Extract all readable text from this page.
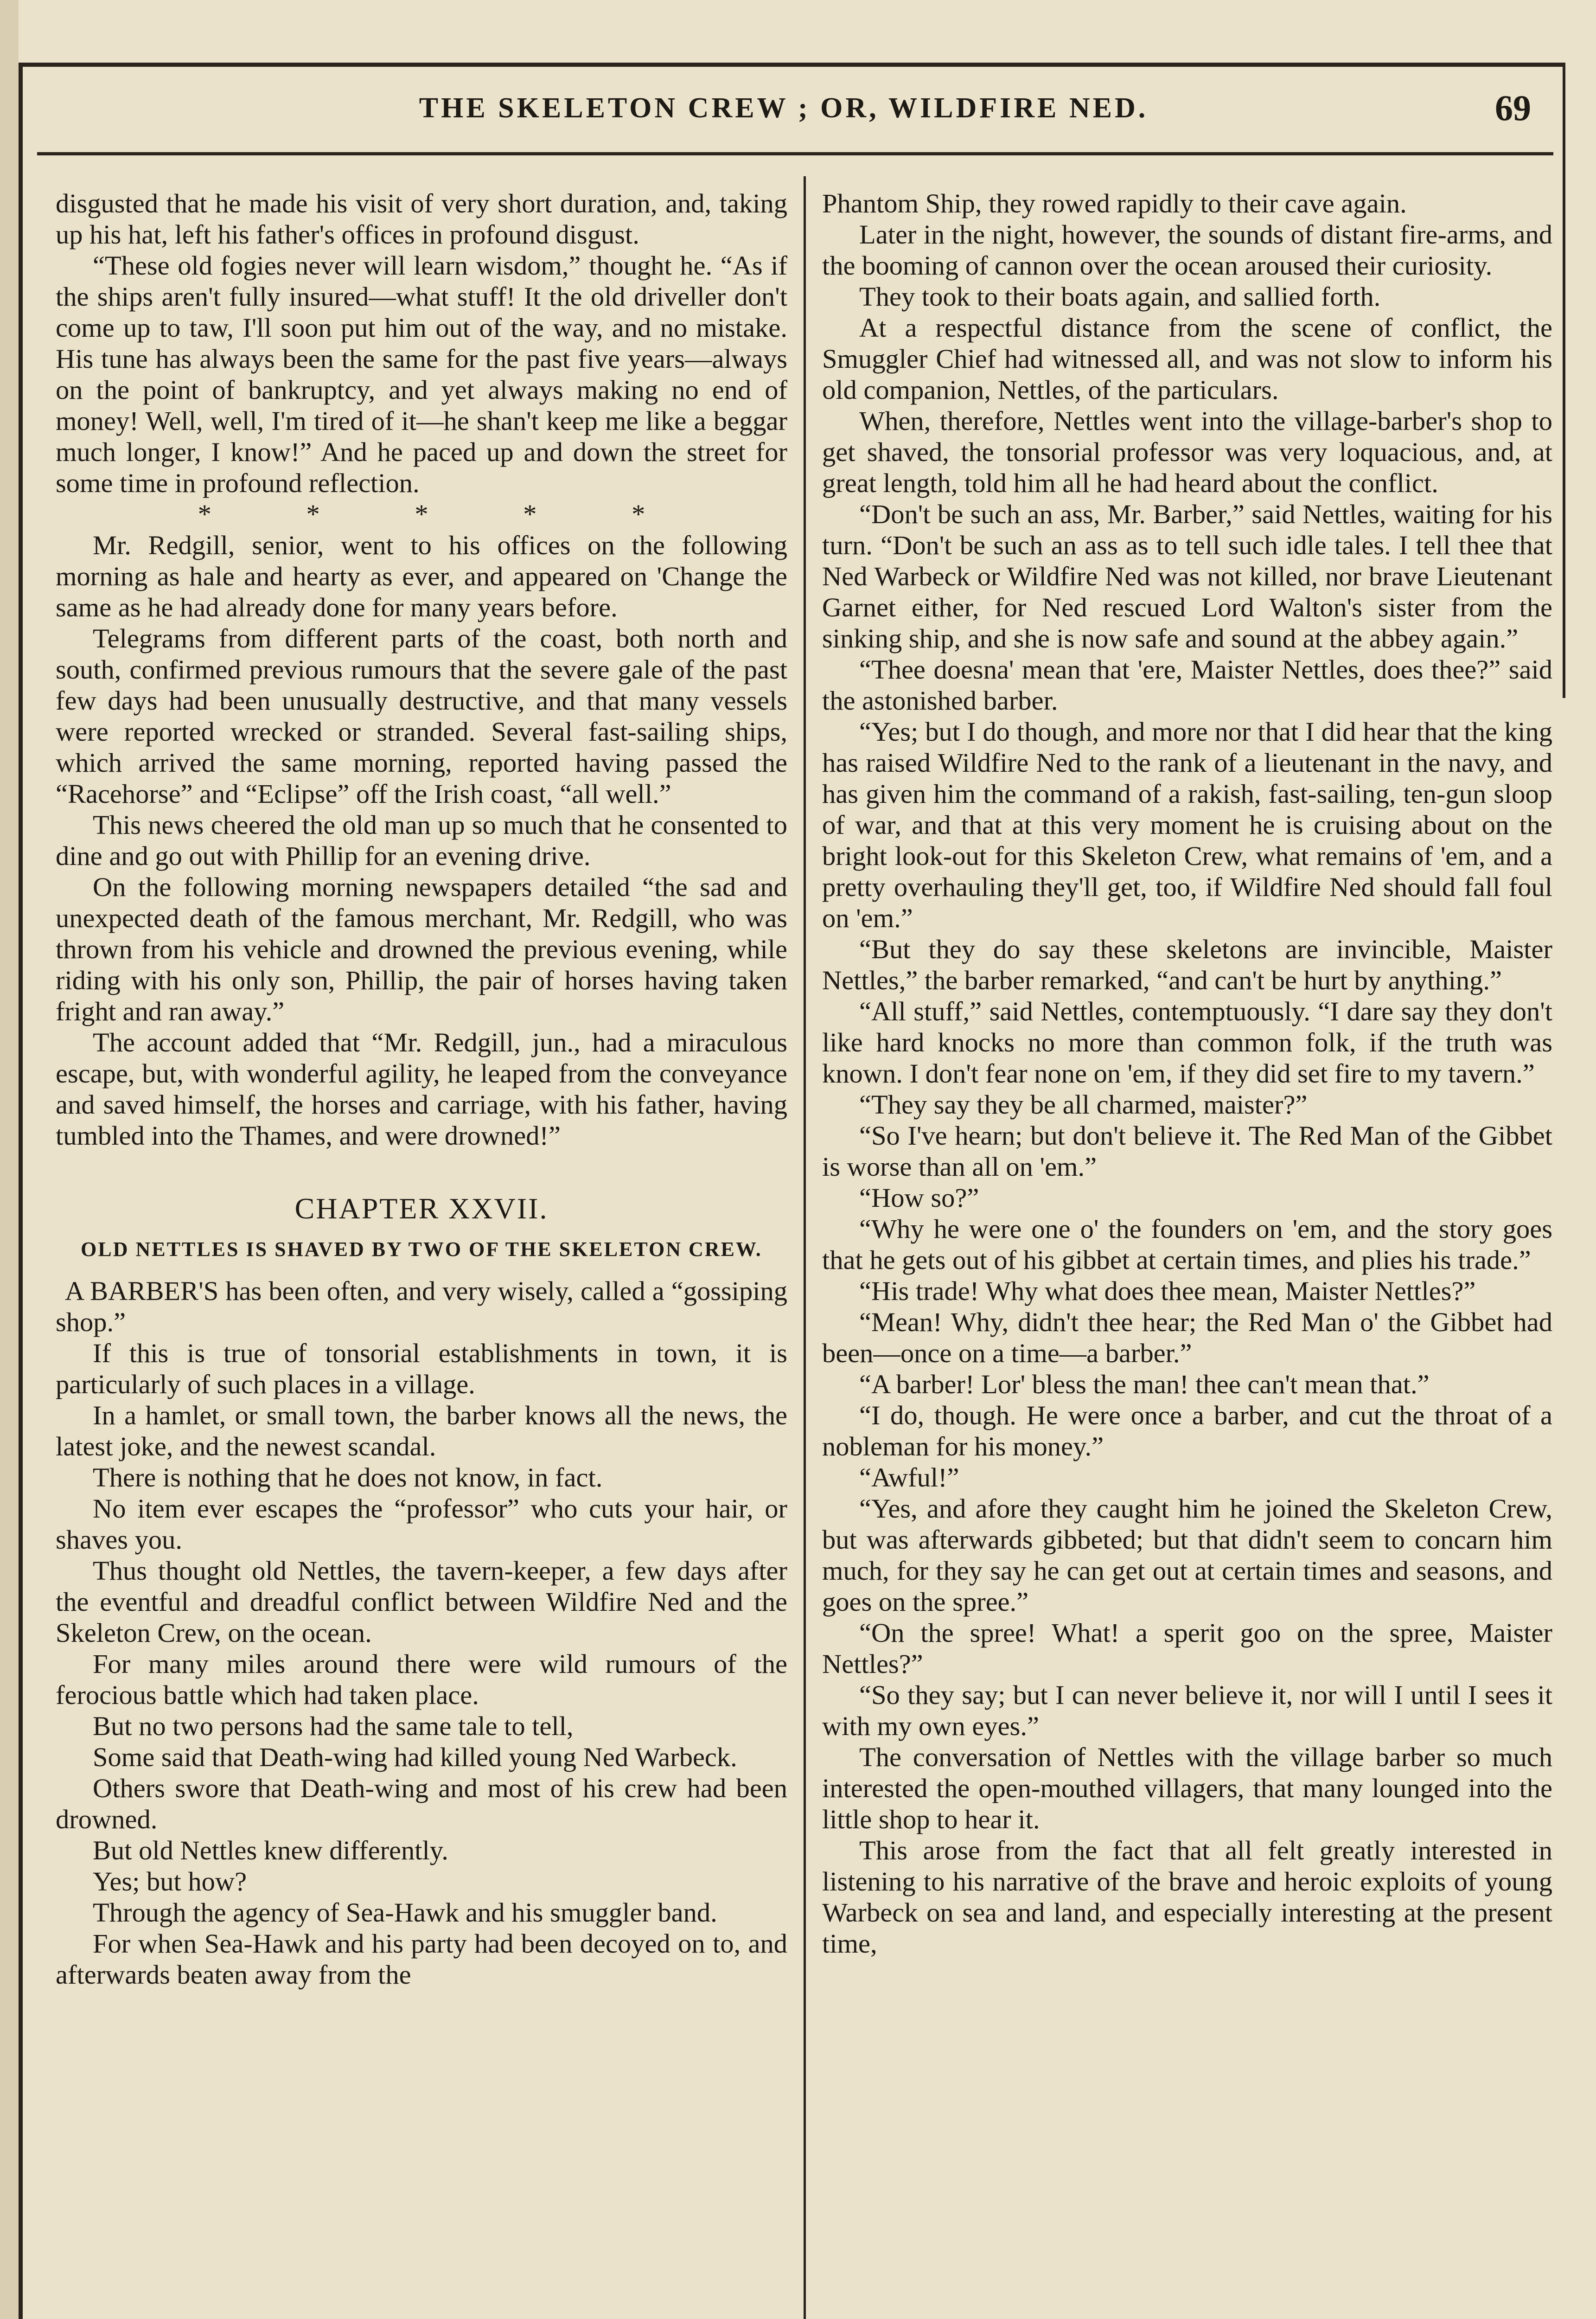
THE SKELETON CREW ; OR, WILDFIRE NED.	69

disgusted that he made his visit of very short duration, and, taking up his hat, left his father's offices in profound disgust.

“These old fogies never will learn wisdom,” thought he. “As if the ships aren't fully insured—what stuff! It the old driveller don't come up to taw, I'll soon put him out of the way, and no mistake. His tune has always been the same for the past five years—always on the point of bankruptcy, and yet always making no end of money! Well, well, I'm tired of it—he shan't keep me like a beggar much longer, I know!” And he paced up and down the street for some time in profound reflection.

* * * * *

Mr. Redgill, senior, went to his offices on the following morning as hale and hearty as ever, and appeared on 'Change the same as he had already done for many years before.

Telegrams from different parts of the coast, both north and south, confirmed previous rumours that the severe gale of the past few days had been unusually destructive, and that many vessels were reported wrecked or stranded. Several fast-sailing ships, which arrived the same morning, reported having passed the “Racehorse” and “Eclipse” off the Irish coast, “all well.”

This news cheered the old man up so much that he consented to dine and go out with Phillip for an evening drive.

On the following morning newspapers detailed “the sad and unexpected death of the famous merchant, Mr. Redgill, who was thrown from his vehicle and drowned the previous evening, while riding with his only son, Phillip, the pair of horses having taken fright and ran away.”

The account added that “Mr. Redgill, jun., had a miraculous escape, but, with wonderful agility, he leaped from the conveyance and saved himself, the horses and carriage, with his father, having tumbled into the Thames, and were drowned!”

CHAPTER XXVII.
OLD NETTLES IS SHAVED BY TWO OF THE SKELETON CREW.

A BARBER'S has been often, and very wisely, called a “gossiping shop.”

If this is true of tonsorial establishments in town, it is particularly of such places in a village.

In a hamlet, or small town, the barber knows all the news, the latest joke, and the newest scandal.

There is nothing that he does not know, in fact.

No item ever escapes the “professor” who cuts your hair, or shaves you.

Thus thought old Nettles, the tavern-keeper, a few days after the eventful and dreadful conflict between Wildfire Ned and the Skeleton Crew, on the ocean.

For many miles around there were wild rumours of the ferocious battle which had taken place.

But no two persons had the same tale to tell,

Some said that Death-wing had killed young Ned Warbeck.

Others swore that Death-wing and most of his crew had been drowned.

But old Nettles knew differently.

Yes; but how?

Through the agency of Sea-Hawk and his smuggler band.

For when Sea-Hawk and his party had been decoyed on to, and afterwards beaten away from the

Phantom Ship, they rowed rapidly to their cave again.

Later in the night, however, the sounds of distant fire-arms, and the booming of cannon over the ocean aroused their curiosity.

They took to their boats again, and sallied forth.

At a respectful distance from the scene of conflict, the Smuggler Chief had witnessed all, and was not slow to inform his old companion, Nettles, of the particulars.

When, therefore, Nettles went into the village-barber's shop to get shaved, the tonsorial professor was very loquacious, and, at great length, told him all he had heard about the conflict.

“Don't be such an ass, Mr. Barber,” said Nettles, waiting for his turn. “Don't be such an ass as to tell such idle tales. I tell thee that Ned Warbeck or Wildfire Ned was not killed, nor brave Lieutenant Garnet either, for Ned rescued Lord Walton's sister from the sinking ship, and she is now safe and sound at the abbey again.”

“Thee doesna' mean that 'ere, Maister Nettles, does thee?” said the astonished barber.

“Yes; but I do though, and more nor that I did hear that the king has raised Wildfire Ned to the rank of a lieutenant in the navy, and has given him the command of a rakish, fast-sailing, ten-gun sloop of war, and that at this very moment he is cruising about on the bright look-out for this Skeleton Crew, what remains of 'em, and a pretty overhauling they'll get, too, if Wildfire Ned should fall foul on 'em.”

“But they do say these skeletons are invincible, Maister Nettles,” the barber remarked, “and can't be hurt by anything.”

“All stuff,” said Nettles, contemptuously. “I dare say they don't like hard knocks no more than common folk, if the truth was known. I don't fear none on 'em, if they did set fire to my tavern.”

“They say they be all charmed, maister?”

“So I've hearn; but don't believe it. The Red Man of the Gibbet is worse than all on 'em.”

“How so?”

“Why he were one o' the founders on 'em, and the story goes that he gets out of his gibbet at certain times, and plies his trade.”

“His trade! Why what does thee mean, Maister Nettles?”

“Mean! Why, didn't thee hear; the Red Man o' the Gibbet had been—once on a time—a barber.”

“A barber! Lor' bless the man! thee can't mean that.”

“I do, though. He were once a barber, and cut the throat of a nobleman for his money.”

“Awful!”

“Yes, and afore they caught him he joined the Skeleton Crew, but was afterwards gibbeted; but that didn't seem to concarn him much, for they say he can get out at certain times and seasons, and goes on the spree.”

“On the spree! What! a sperit goo on the spree, Maister Nettles?”

“So they say; but I can never believe it, nor will I until I sees it with my own eyes.”

The conversation of Nettles with the village barber so much interested the open-mouthed villagers, that many lounged into the little shop to hear it.

This arose from the fact that all felt greatly interested in listening to his narrative of the brave and heroic exploits of young Warbeck on sea and land, and especially interesting at the present time,
